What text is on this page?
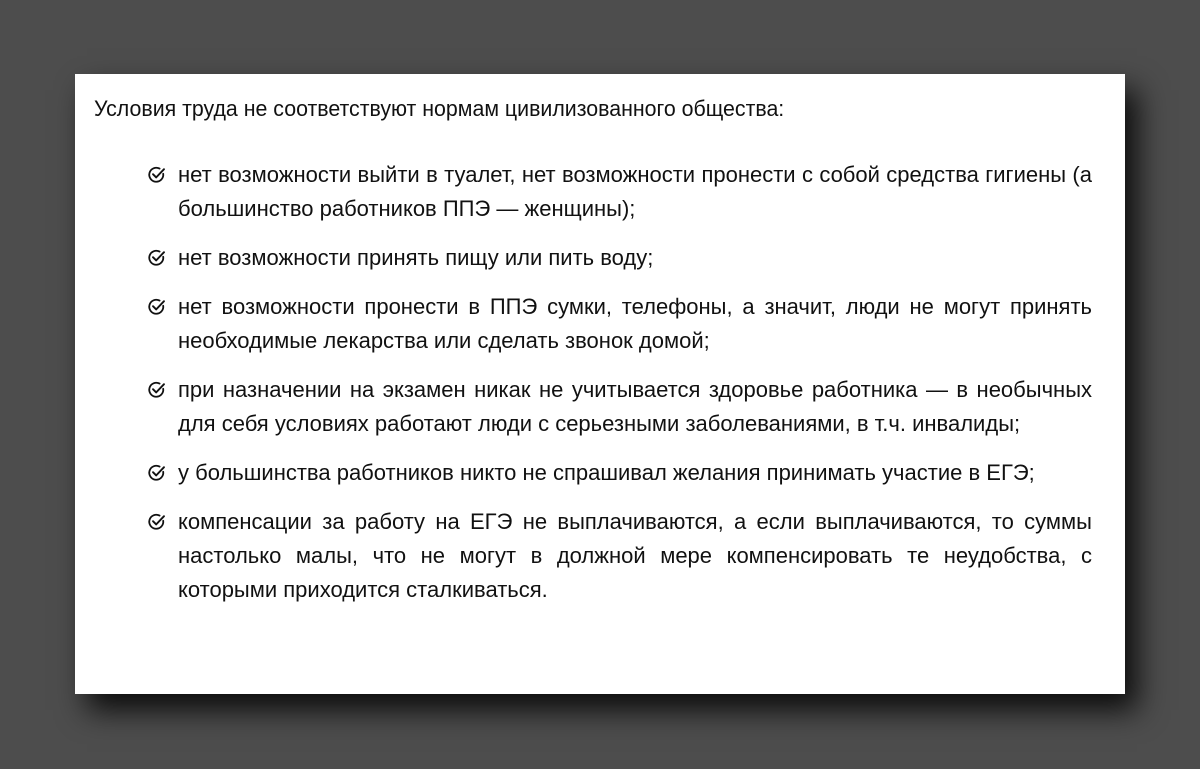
Условия труда не соответствуют нормам цивилизованного общества:

нет возможности выйти в туалет, нет возможности пронести с собой средства гигиены (а большинство работников ППЭ — женщины);
нет возможности принять пищу или пить воду;
нет возможности пронести в ППЭ сумки, телефоны, а значит, люди не могут принять необходимые лекарства или сделать звонок домой;
при назначении на экзамен никак не учитывается здоровье работника — в необычных для себя условиях работают люди с серьезными заболеваниями, в т.ч. инвалиды;
у большинства работников никто не спрашивал желания принимать участие в ЕГЭ;
компенсации за работу на ЕГЭ не выплачиваются, а если выплачиваются, то суммы настолько малы, что не могут в должной мере компенсировать те неудобства, с которыми приходится сталкиваться.
